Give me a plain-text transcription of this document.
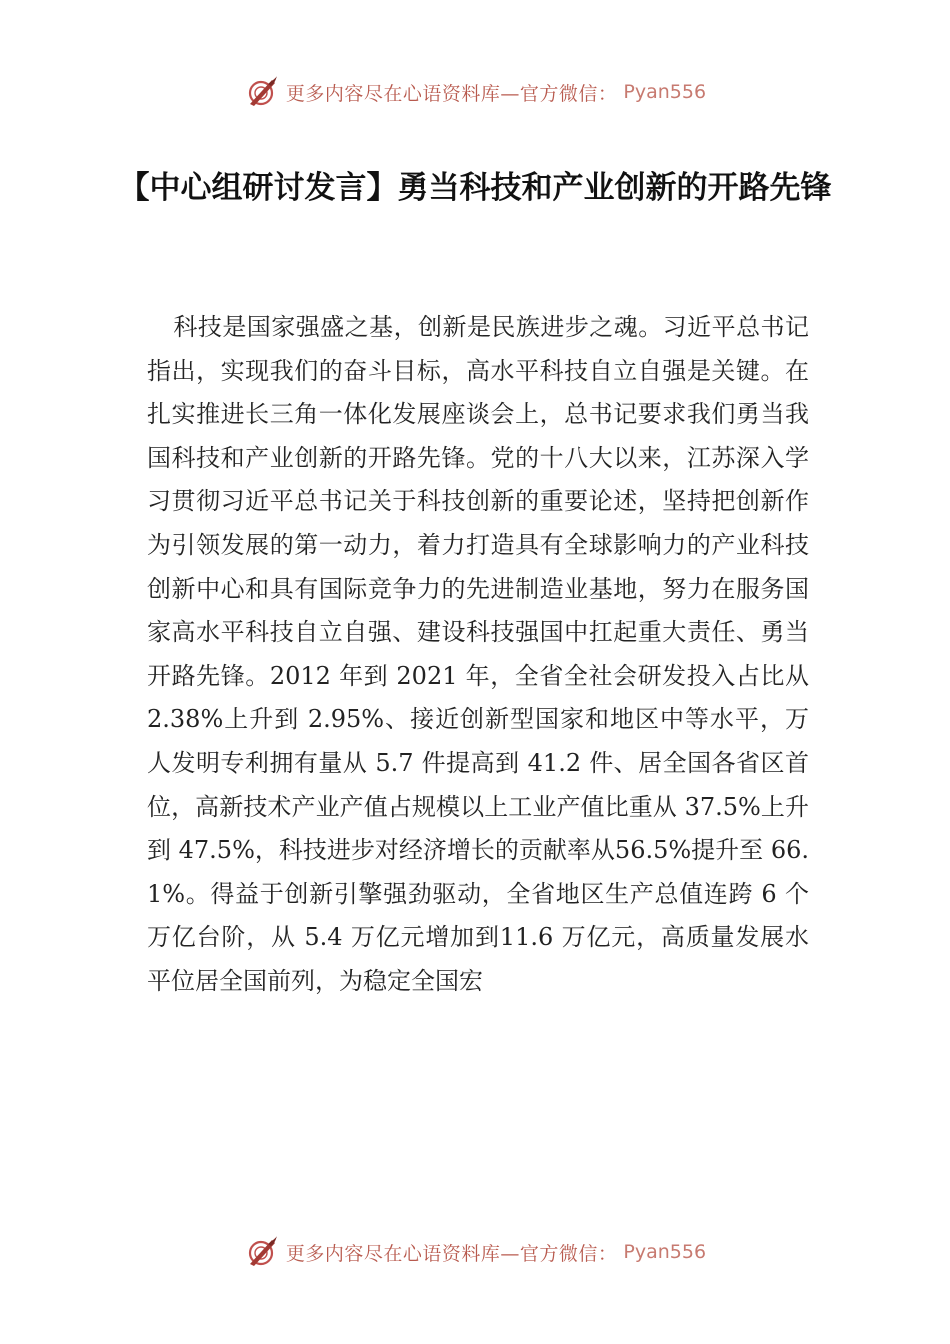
更多内容尽在心语资料库—官方微信： Pyan556
【中心组研讨发言】勇当科技和产业创新的开路先锋

科技是国家强盛之基，创新是民族进步之魂。习近平总书记指出，实现我们的奋斗目标，高水平科技自立自强是关键。在扎实推进长三角一体化发展座谈会上，总书记要求我们勇当我国科技和产业创新的开路先锋。党的十八大以来，江苏深入学习贯彻习近平总书记关于科技创新的重要论述，坚持把创新作为引领发展的第一动力，着力打造具有全球影响力的产业科技创新中心和具有国际竞争力的先进制造业基地，努力在服务国家高水平科技自立自强、建设科技强国中扛起重大责任、勇当开路先锋。2012 年到 2021 年，全省全社会研发投入占比从 2.38%上升到 2.95%、接近创新型国家和地区中等水平，万人发明专利拥有量从 5.7 件提高到 41.2 件、居全国各省区首位，高新技术产业产值占规模以上工业产值比重从 37.5%上升到 47.5%，科技进步对经济增长的贡献率从56.5%提升至 66.1%。得益于创新引擎强劲驱动，全省地区生产总值连跨 6 个万亿台阶，从 5.4 万亿元增加到11.6 万亿元，高质量发展水平位居全国前列，为稳定全国宏

更多内容尽在心语资料库—官方微信： Pyan556
